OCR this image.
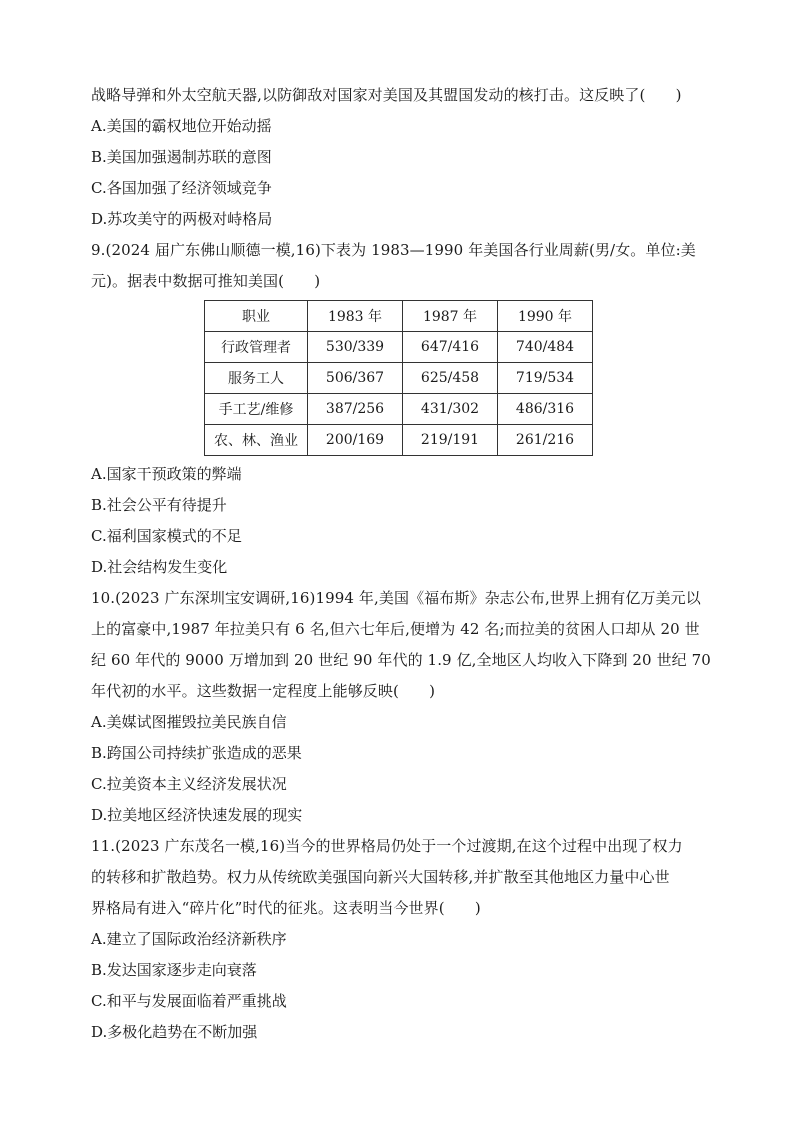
战略导弹和外太空航天器,以防御敌对国家对美国及其盟国发动的核打击。这反映了(　　)
A.美国的霸权地位开始动摇
B.美国加强遏制苏联的意图
C.各国加强了经济领域竞争
D.苏攻美守的两极对峙格局
9.(2024 届广东佛山顺德一模,16)下表为 1983—1990 年美国各行业周薪(男/女。单位:美
元)。据表中数据可推知美国(　　)
职业	1983 年	1987 年	1990 年
行政管理者	530/339	647/416	740/484
服务工人	506/367	625/458	719/534
手工艺/维修	387/256	431/302	486/316
农、林、渔业	200/169	219/191	261/216
A.国家干预政策的弊端
B.社会公平有待提升
C.福利国家模式的不足
D.社会结构发生变化
10.(2023 广东深圳宝安调研,16)1994 年,美国《福布斯》杂志公布,世界上拥有亿万美元以
上的富豪中,1987 年拉美只有 6 名,但六七年后,便增为 42 名;而拉美的贫困人口却从 20 世
纪 60 年代的 9000 万增加到 20 世纪 90 年代的 1.9 亿,全地区人均收入下降到 20 世纪 70
年代初的水平。这些数据一定程度上能够反映(　　)
A.美媒试图摧毁拉美民族自信
B.跨国公司持续扩张造成的恶果
C.拉美资本主义经济发展状况
D.拉美地区经济快速发展的现实
11.(2023 广东茂名一模,16)当今的世界格局仍处于一个过渡期,在这个过程中出现了权力
的转移和扩散趋势。权力从传统欧美强国向新兴大国转移,并扩散至其他地区力量中心世
界格局有进入“碎片化”时代的征兆。这表明当今世界(　　)
A.建立了国际政治经济新秩序
B.发达国家逐步走向衰落
C.和平与发展面临着严重挑战
D.多极化趋势在不断加强
